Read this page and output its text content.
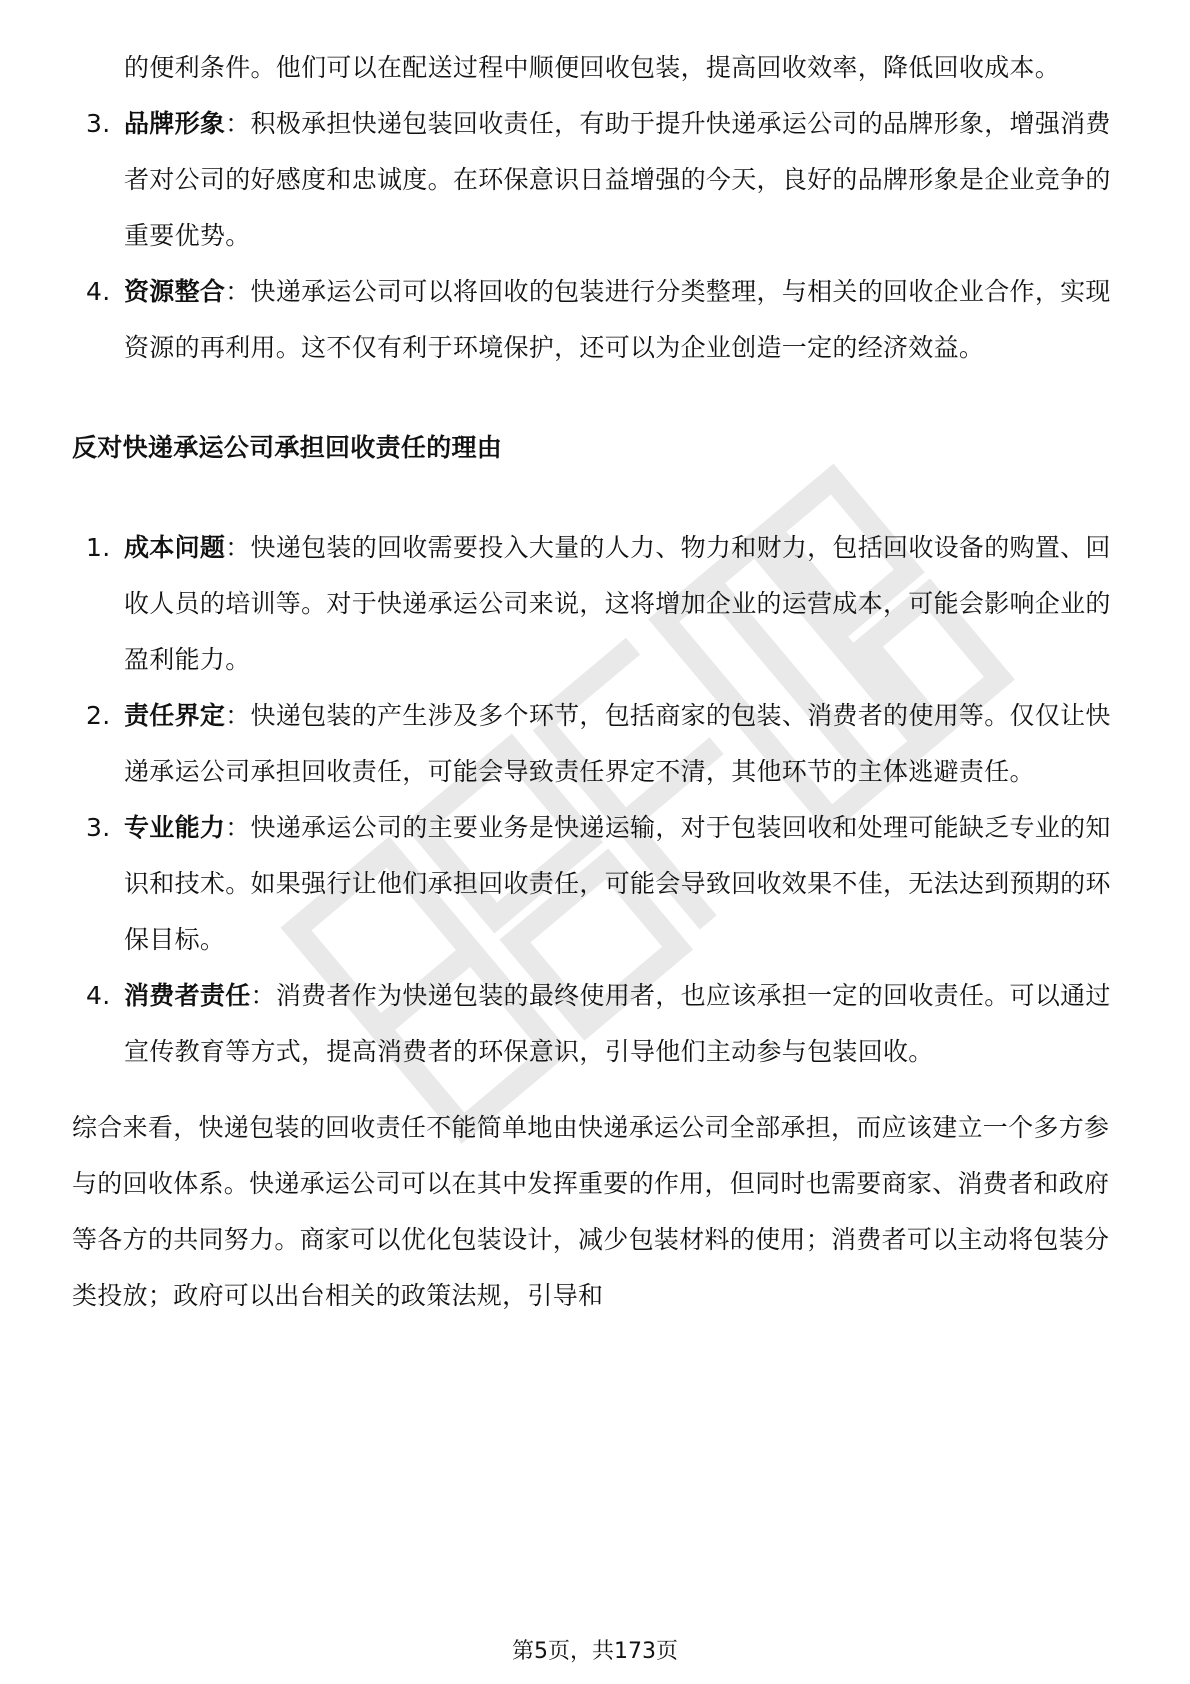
的便利条件。他们可以在配送过程中顺便回收包装，提高回收效率，降低回收成本。

3. 品牌形象：积极承担快递包装回收责任，有助于提升快递承运公司的品牌形象，增强消费者对公司的好感度和忠诚度。在环保意识日益增强的今天，良好的品牌形象是企业竞争的重要优势。
4. 资源整合：快递承运公司可以将回收的包装进行分类整理，与相关的回收企业合作，实现资源的再利用。这不仅有利于环境保护，还可以为企业创造一定的经济效益。
反对快递承运公司承担回收责任的理由
1. 成本问题：快递包装的回收需要投入大量的人力、物力和财力，包括回收设备的购置、回收人员的培训等。对于快递承运公司来说，这将增加企业的运营成本，可能会影响企业的盈利能力。
2. 责任界定：快递包装的产生涉及多个环节，包括商家的包装、消费者的使用等。仅仅让快递承运公司承担回收责任，可能会导致责任界定不清，其他环节的主体逃避责任。
3. 专业能力：快递承运公司的主要业务是快递运输，对于包装回收和处理可能缺乏专业的知识和技术。如果强行让他们承担回收责任，可能会导致回收效果不佳，无法达到预期的环保目标。
4. 消费者责任：消费者作为快递包装的最终使用者，也应该承担一定的回收责任。可以通过宣传教育等方式，提高消费者的环保意识，引导他们主动参与包装回收。

综合来看，快递包装的回收责任不能简单地由快递承运公司全部承担，而应该建立一个多方参与的回收体系。快递承运公司可以在其中发挥重要的作用，但同时也需要商家、消费者和政府等各方的共同努力。商家可以优化包装设计，减少包装材料的使用；消费者可以主动将包装分类投放；政府可以出台相关的政策法规，引导和

第5页，共173页
